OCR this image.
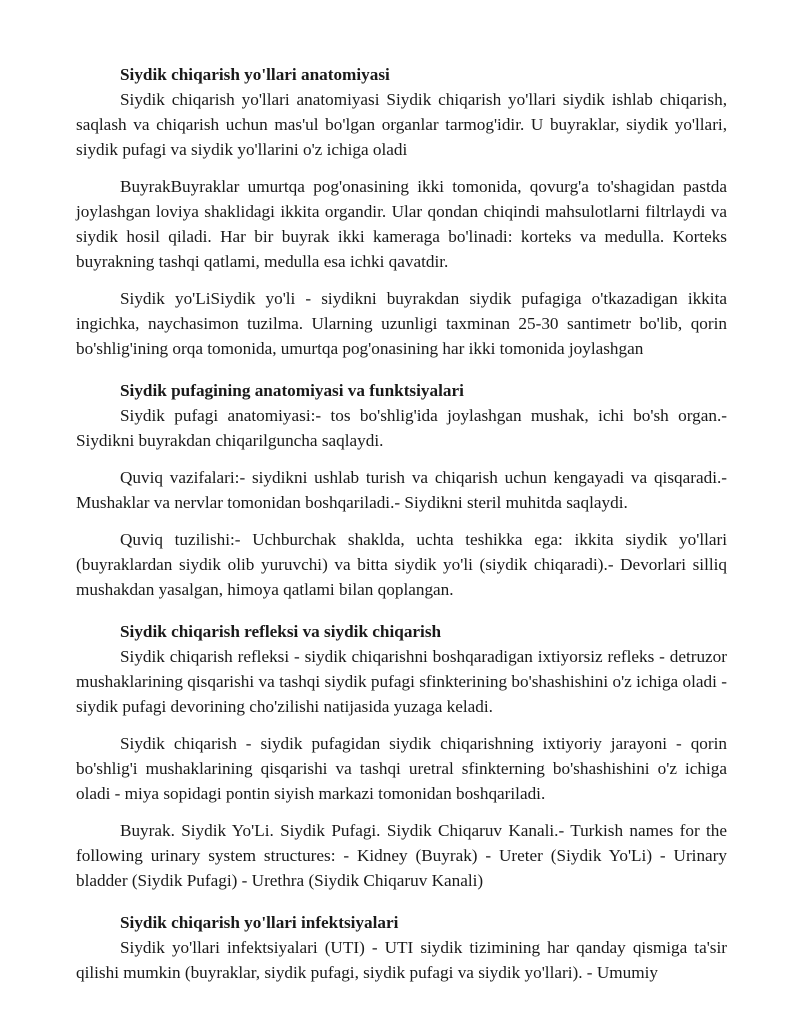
Siydik chiqarish yo'llari anatomiyasi

Siydik chiqarish yo'llari anatomiyasi Siydik chiqarish yo'llari siydik ishlab chiqarish, saqlash va chiqarish uchun mas'ul bo'lgan organlar tarmog'idir. U buyraklar, siydik yo'llari, siydik pufagi va siydik yo'llarini o'z ichiga oladi

BuyrakBuyraklar umurtqa pog'onasining ikki tomonida, qovurg'a to'shagidan pastda joylashgan loviya shaklidagi ikkita organdir. Ular qondan chiqindi mahsulotlarni filtrlaydi va siydik hosil qiladi. Har bir buyrak ikki kameraga bo'linadi: korteks va medulla. Korteks buyrakning tashqi qatlami, medulla esa ichki qavatdir.

Siydik yo'LiSiydik yo'li - siydikni buyrakdan siydik pufagiga o'tkazadigan ikkita ingichka, naychasimon tuzilma. Ularning uzunligi taxminan 25-30 santimetr bo'lib, qorin bo'shlig'ining orqa tomonida, umurtqa pog'onasining har ikki tomonida joylashgan

Siydik pufagining anatomiyasi va funktsiyalari

Siydik pufagi anatomiyasi:- tos bo'shlig'ida joylashgan mushak, ichi bo'sh organ.- Siydikni buyrakdan chiqarilguncha saqlaydi.

Quviq vazifalari:- siydikni ushlab turish va chiqarish uchun kengayadi va qisqaradi.- Mushaklar va nervlar tomonidan boshqariladi.- Siydikni steril muhitda saqlaydi.

Quviq tuzilishi:- Uchburchak shaklda, uchta teshikka ega: ikkita siydik yo'llari (buyraklardan siydik olib yuruvchi) va bitta siydik yo'li (siydik chiqaradi).- Devorlari silliq mushakdan yasalgan, himoya qatlami bilan qoplangan.

Siydik chiqarish refleksi va siydik chiqarish

Siydik chiqarish refleksi - siydik chiqarishni boshqaradigan ixtiyorsiz refleks - detruzor mushaklarining qisqarishi va tashqi siydik pufagi sfinkterining bo'shashishini o'z ichiga oladi - siydik pufagi devorining cho'zilishi natijasida yuzaga keladi.

Siydik chiqarish - siydik pufagidan siydik chiqarishning ixtiyoriy jarayoni - qorin bo'shlig'i mushaklarining qisqarishi va tashqi uretral sfinkterning bo'shashishini o'z ichiga oladi - miya sopidagi pontin siyish markazi tomonidan boshqariladi.

Buyrak. Siydik Yo'Li. Siydik Pufagi. Siydik Chiqaruv Kanali.- Turkish names for the following urinary system structures: - Kidney (Buyrak) - Ureter (Siydik Yo'Li) - Urinary bladder (Siydik Pufagi) - Urethra (Siydik Chiqaruv Kanali)

Siydik chiqarish yo'llari infektsiyalari

Siydik yo'llari infektsiyalari (UTI) - UTI siydik tizimining har qanday qismiga ta'sir qilishi mumkin (buyraklar, siydik pufagi, siydik pufagi va siydik yo'llari). - Umumiy
